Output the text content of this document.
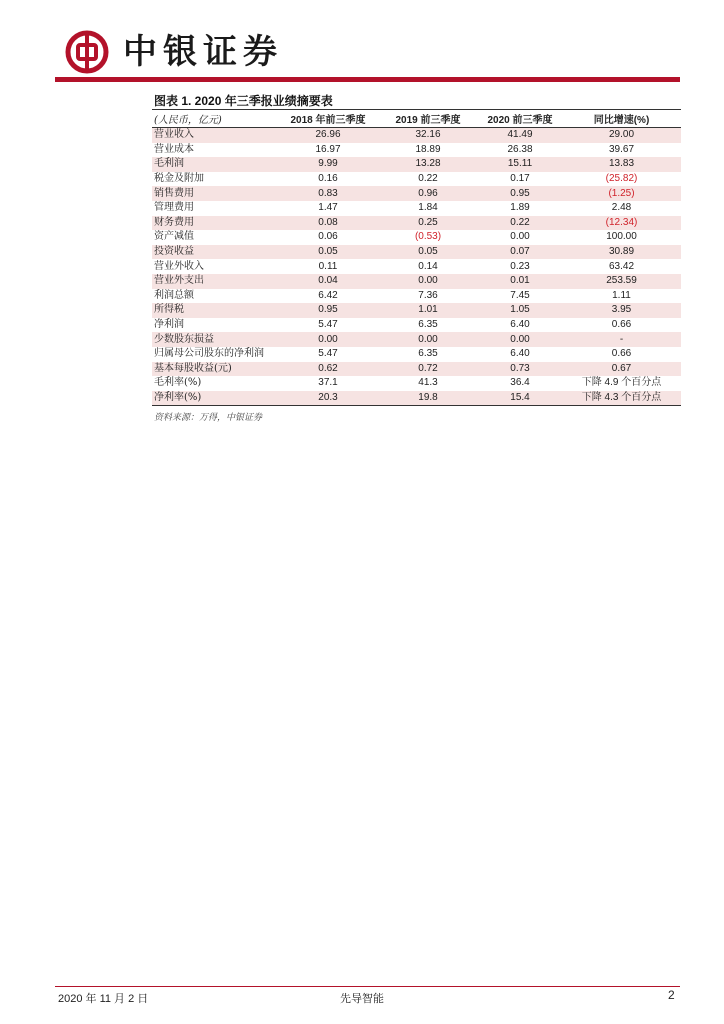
中银证券
图表 1. 2020 年三季报业绩摘要表
(人民币，亿元)	2018 年前三季度	2019 前三季度	2020 前三季度	同比增速(%)
营业收入	26.96	32.16	41.49	29.00
营业成本	16.97	18.89	26.38	39.67
毛利润	9.99	13.28	15.11	13.83
税金及附加	0.16	0.22	0.17	(25.82)
销售费用	0.83	0.96	0.95	(1.25)
管理费用	1.47	1.84	1.89	2.48
财务费用	0.08	0.25	0.22	(12.34)
资产减值	0.06	(0.53)	0.00	100.00
投资收益	0.05	0.05	0.07	30.89
营业外收入	0.11	0.14	0.23	63.42
营业外支出	0.04	0.00	0.01	253.59
利润总额	6.42	7.36	7.45	1.11
所得税	0.95	1.01	1.05	3.95
净利润	5.47	6.35	6.40	0.66
少数股东损益	0.00	0.00	0.00	-
归属母公司股东的净利润	5.47	6.35	6.40	0.66
基本每股收益(元)	0.62	0.72	0.73	0.67
毛利率(%)	37.1	41.3	36.4	下降 4.9 个百分点
净利率(%)	20.3	19.8	15.4	下降 4.3 个百分点
资料来源：万得，中银证券
2020 年 11 月 2 日	先导智能	2
